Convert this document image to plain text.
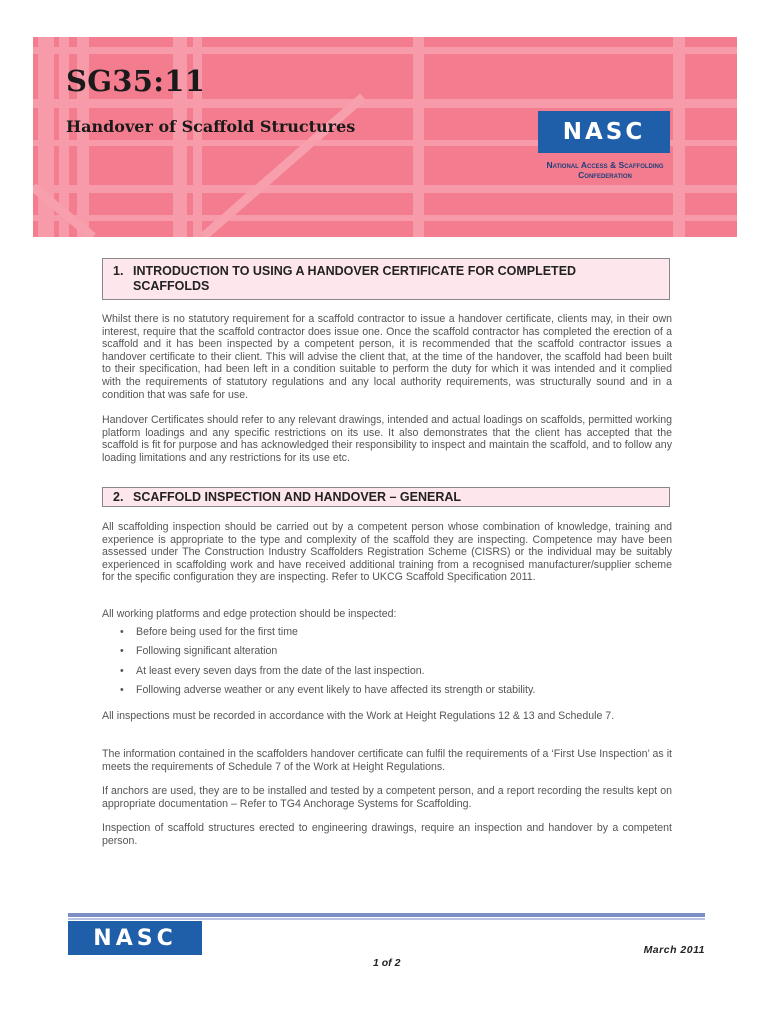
SG35:11
Handover of Scaffold Structures	NASC
National Access & Scaffolding
Confederation
1. INTRODUCTION TO USING A HANDOVER CERTIFICATE FOR COMPLETED
SCAFFOLDS

Whilst there is no statutory requirement for a scaffold contractor to issue a handover certificate, clients may, in their own interest, require that the scaffold contractor does issue one. Once the scaffold contractor has completed the erection of a scaffold and it has been inspected by a competent person, it is recommended that the scaffold contractor issues a handover certificate to their client. This will advise the client that, at the time of the handover, the scaffold had been built to their specification, had been left in a condition suitable to perform the duty for which it was intended and it complied with the requirements of statutory regulations and any local authority requirements, was structurally sound and in a condition that was safe for use.

Handover Certificates should refer to any relevant drawings, intended and actual loadings on scaffolds, permitted working platform loadings and any specific restrictions on its use. It also demonstrates that the client has accepted that the scaffold is fit for purpose and has acknowledged their responsibility to inspect and maintain the scaffold, and to follow any loading limitations and any restrictions for its use etc.

2. SCAFFOLD INSPECTION AND HANDOVER – GENERAL

All scaffolding inspection should be carried out by a competent person whose combination of knowledge, training and experience is appropriate to the type and complexity of the scaffold they are inspecting. Competence may have been assessed under The Construction Industry Scaffolders Registration Scheme (CISRS) or the individual may be suitably experienced in scaffolding work and have received additional training from a recognised manufacturer/supplier scheme for the specific configuration they are inspecting. Refer to UKCG Scaffold Specification 2011.

All working platforms and edge protection should be inspected:

• Before being used for the first time
• Following significant alteration
• At least every seven days from the date of the last inspection.
• Following adverse weather or any event likely to have affected its strength or stability.

All inspections must be recorded in accordance with the Work at Height Regulations 12 & 13 and Schedule 7.

The information contained in the scaffolders handover certificate can fulfil the requirements of a ‘First Use Inspection’ as it meets the requirements of Schedule 7 of the Work at Height Regulations.

If anchors are used, they are to be installed and tested by a competent person, and a report recording the results kept on appropriate documentation – Refer to TG4 Anchorage Systems for Scaffolding.

Inspection of scaffold structures erected to engineering drawings, require an inspection and handover by a competent person.

NASC	March 2011
1 of 2
